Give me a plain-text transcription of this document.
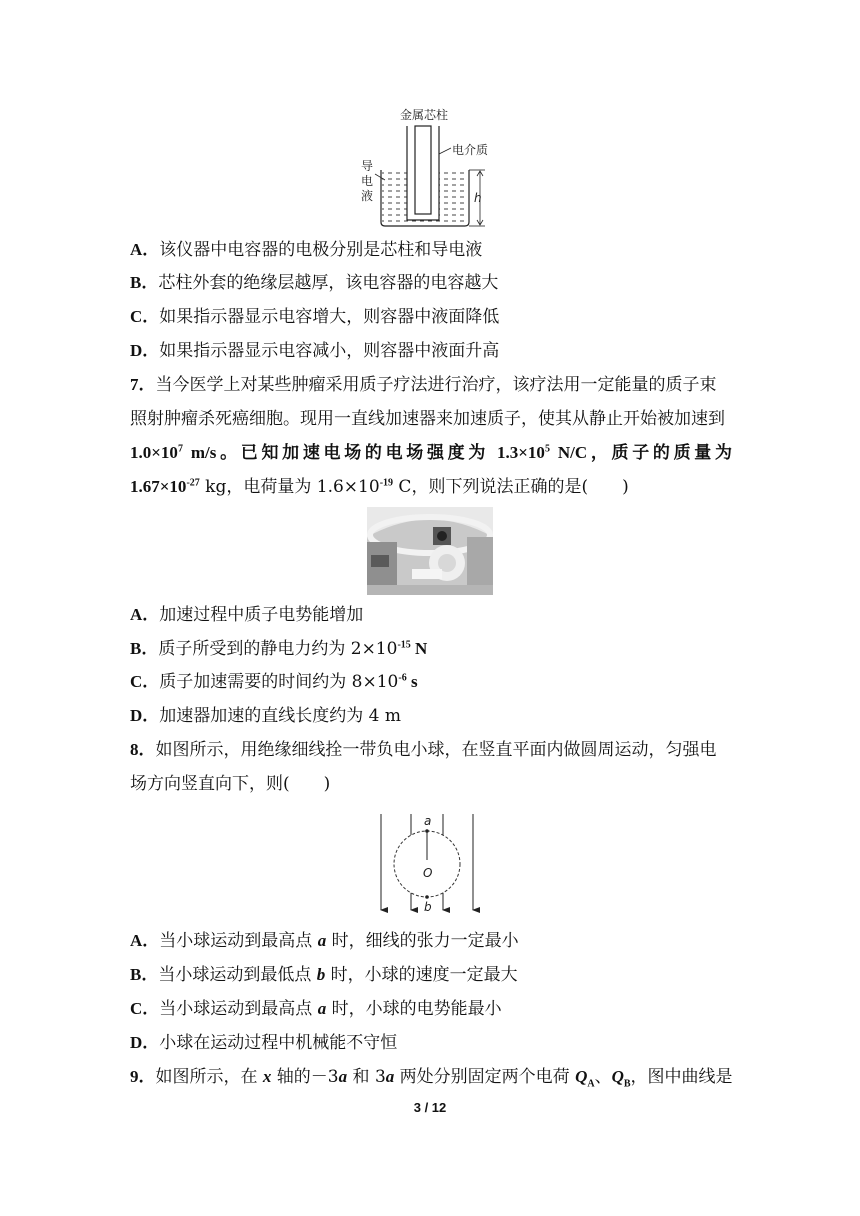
金属芯柱
电介质
导
电
液	h
A．该仪器中电容器的电极分别是芯柱和导电液
B．芯柱外套的绝缘层越厚，该电容器的电容越大
C．如果指示器显示电容增大，则容器中液面降低
D．如果指示器显示电容减小，则容器中液面升高
7．当今医学上对某些肿瘤采用质子疗法进行治疗，该疗法用一定能量的质子束
照射肿瘤杀死癌细胞。现用一直线加速器来加速质子，使其从静止开始被加速到
$1.0\times 10^7$ m/s。已知加速电场的电场强度为 $1.3\times 10^5$ N/C，质子的质量为
$1.67\times 10^{-27}$ kg，电荷量为 $1.6\times 10^{-19}$ C，则下列说法正确的是(　　)
A．加速过程中质子电势能增加
B．质子所受到的静电力约为 $2\times 10^{-15}$ N
C．质子加速需要的时间约为 $8\times 10^{-6}$ s
D．加速器加速的直线长度约为 4 m
8．如图所示，用绝缘细线拴一带负电小球，在竖直平面内做圆周运动，匀强电
场方向竖直向下，则(　　)
a
O
b
A．当小球运动到最高点 a 时，细线的张力一定最小
B．当小球运动到最低点 b 时，小球的速度一定最大
C．当小球运动到最高点 a 时，小球的电势能最小
D．小球在运动过程中机械能不守恒
9．如图所示，在 x 轴的－3a 和 3a 两处分别固定两个电荷 $Q_A$、$Q_B$，图中曲线是
3 / 12
